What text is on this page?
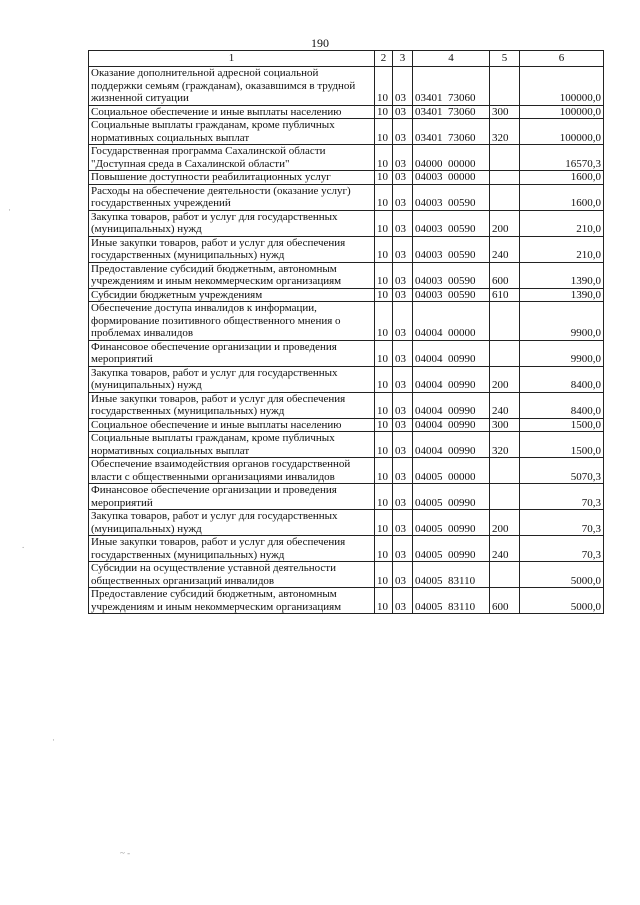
190
1	2	3	4	5	6
Оказание дополнительной адресной социальной поддержки семьям (гражданам), оказавшимся в трудной жизненной ситуации	10	03	03401  73060		100000,0
Социальное обеспечение и иные выплаты населению	10	03	03401  73060	300	100000,0
Социальные выплаты гражданам, кроме публичных нормативных социальных выплат	10	03	03401  73060	320	100000,0
Государственная программа Сахалинской области "Доступная среда в Сахалинской области"	10	03	04000  00000		16570,3
Повышение доступности реабилитационных услуг	10	03	04003  00000		1600,0
Расходы на обеспечение деятельности (оказание услуг) государственных учреждений	10	03	04003  00590		1600,0
Закупка товаров, работ и услуг для государственных (муниципальных) нужд	10	03	04003  00590	200	210,0
Иные закупки товаров, работ и услуг для обеспечения государственных (муниципальных) нужд	10	03	04003  00590	240	210,0
Предоставление субсидий бюджетным, автономным учреждениям и иным некоммерческим организациям	10	03	04003  00590	600	1390,0
Субсидии бюджетным учреждениям	10	03	04003  00590	610	1390,0
Обеспечение доступа инвалидов к информации, формирование позитивного общественного мнения о проблемах инвалидов	10	03	04004  00000		9900,0
Финансовое обеспечение организации и проведения мероприятий	10	03	04004  00990		9900,0
Закупка товаров, работ и услуг для государственных (муниципальных) нужд	10	03	04004  00990	200	8400,0
Иные закупки товаров, работ и услуг для обеспечения государственных (муниципальных) нужд	10	03	04004  00990	240	8400,0
Социальное обеспечение и иные выплаты населению	10	03	04004  00990	300	1500,0
Социальные выплаты гражданам, кроме публичных нормативных социальных выплат	10	03	04004  00990	320	1500,0
Обеспечение взаимодействия органов государственной власти с общественными организациями инвалидов	10	03	04005  00000		5070,3
Финансовое обеспечение организации и проведения мероприятий	10	03	04005  00990		70,3
Закупка товаров, работ и услуг для государственных (муниципальных) нужд	10	03	04005  00990	200	70,3
Иные закупки товаров, работ и услуг для обеспечения государственных (муниципальных) нужд	10	03	04005  00990	240	70,3
Субсидии на осуществление уставной деятельности общественных организаций инвалидов	10	03	04005  83110		5000,0
Предоставление субсидий бюджетным, автономным учреждениям и иным некоммерческим организациям	10	03	04005  83110	600	5000,0
·
.
·
~ -
